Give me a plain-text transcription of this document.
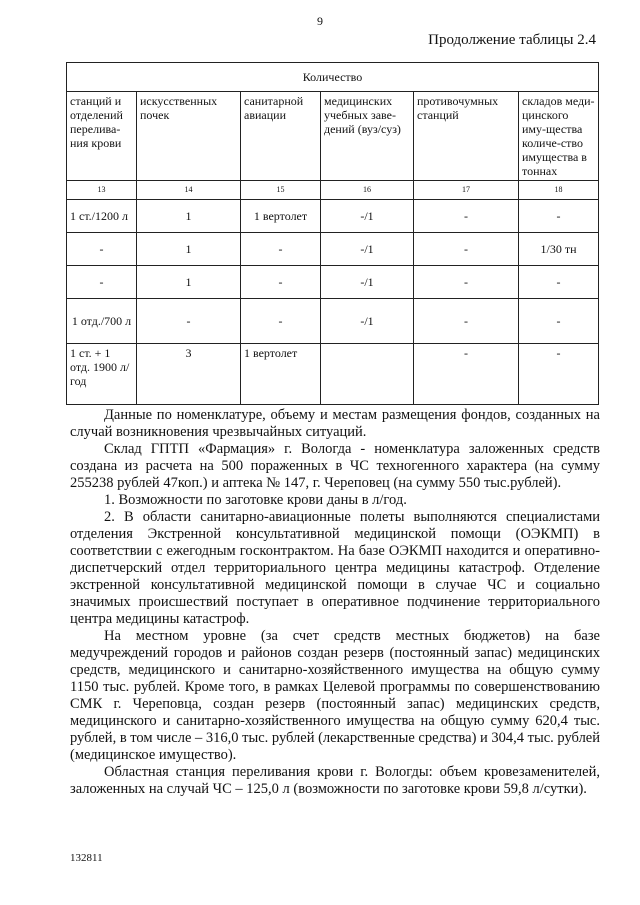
9
Продолжение таблицы 2.4
Количество					
станций и отделений перелива-ния крови	искусственных почек	санитарной авиации	медицинских учебных заве-дений (вуз/суз)	противочумных станций	складов меди-цинского иму-щества количе-ство имущества в тоннах
13	14	15	16	17	18
1 ст./1200 л	1	1 вертолет	-/1	-	-
-	1	-	-/1	-	1/30 тн
-	1	-	-/1	-	-
1 отд./700 л	-	-	-/1	-	-
1 ст. + 1 отд. 1900 л/год	3	1 вертолет		-	-

Данные по номенклатуре, объему и местам размещения фондов, созданных на случай возникновения чрезвычайных ситуаций.

Склад ГПТП «Фармация» г. Вологда - номенклатура заложенных средств создана из расчета на 500 пораженных в ЧС техногенного характера (на сумму 255238 рублей 47коп.) и аптека № 147, г. Череповец (на сумму 550 тыс.рублей).

1. Возможности по заготовке крови даны в л/год.

2. В области санитарно-авиационные полеты выполняются специалистами отделения Экстренной консультативной медицинской помощи (ОЭКМП) в соответствии с ежегодным госконтрактом. На базе ОЭКМП находится и оперативно-диспетчерский отдел территориального центра медицины катастроф. Отделение экстренной консультативной медицинской помощи в случае ЧС и социально значимых происшествий поступает в оперативное подчинение территориального центра медицины катастроф.

На местном уровне (за счет средств местных бюджетов) на базе медучреждений городов и районов создан резерв (постоянный запас) медицинских средств, медицинского и санитарно-хозяйственного имущества на общую сумму 1150 тыс. рублей. Кроме того, в рамках Целевой программы по совершенствованию СМК г. Череповца, создан резерв (постоянный запас) медицинских средств, медицинского и санитарно-хозяйственного имущества на общую сумму 620,4 тыс. рублей, в том числе – 316,0 тыс. рублей (лекарственные средства) и 304,4 тыс. рублей (медицинское имущество).

Областная станция переливания крови г. Вологды: объем кровезаменителей, заложенных на случай ЧС – 125,0 л (возможности по заготовке крови 59,8 л/сутки).

132811
